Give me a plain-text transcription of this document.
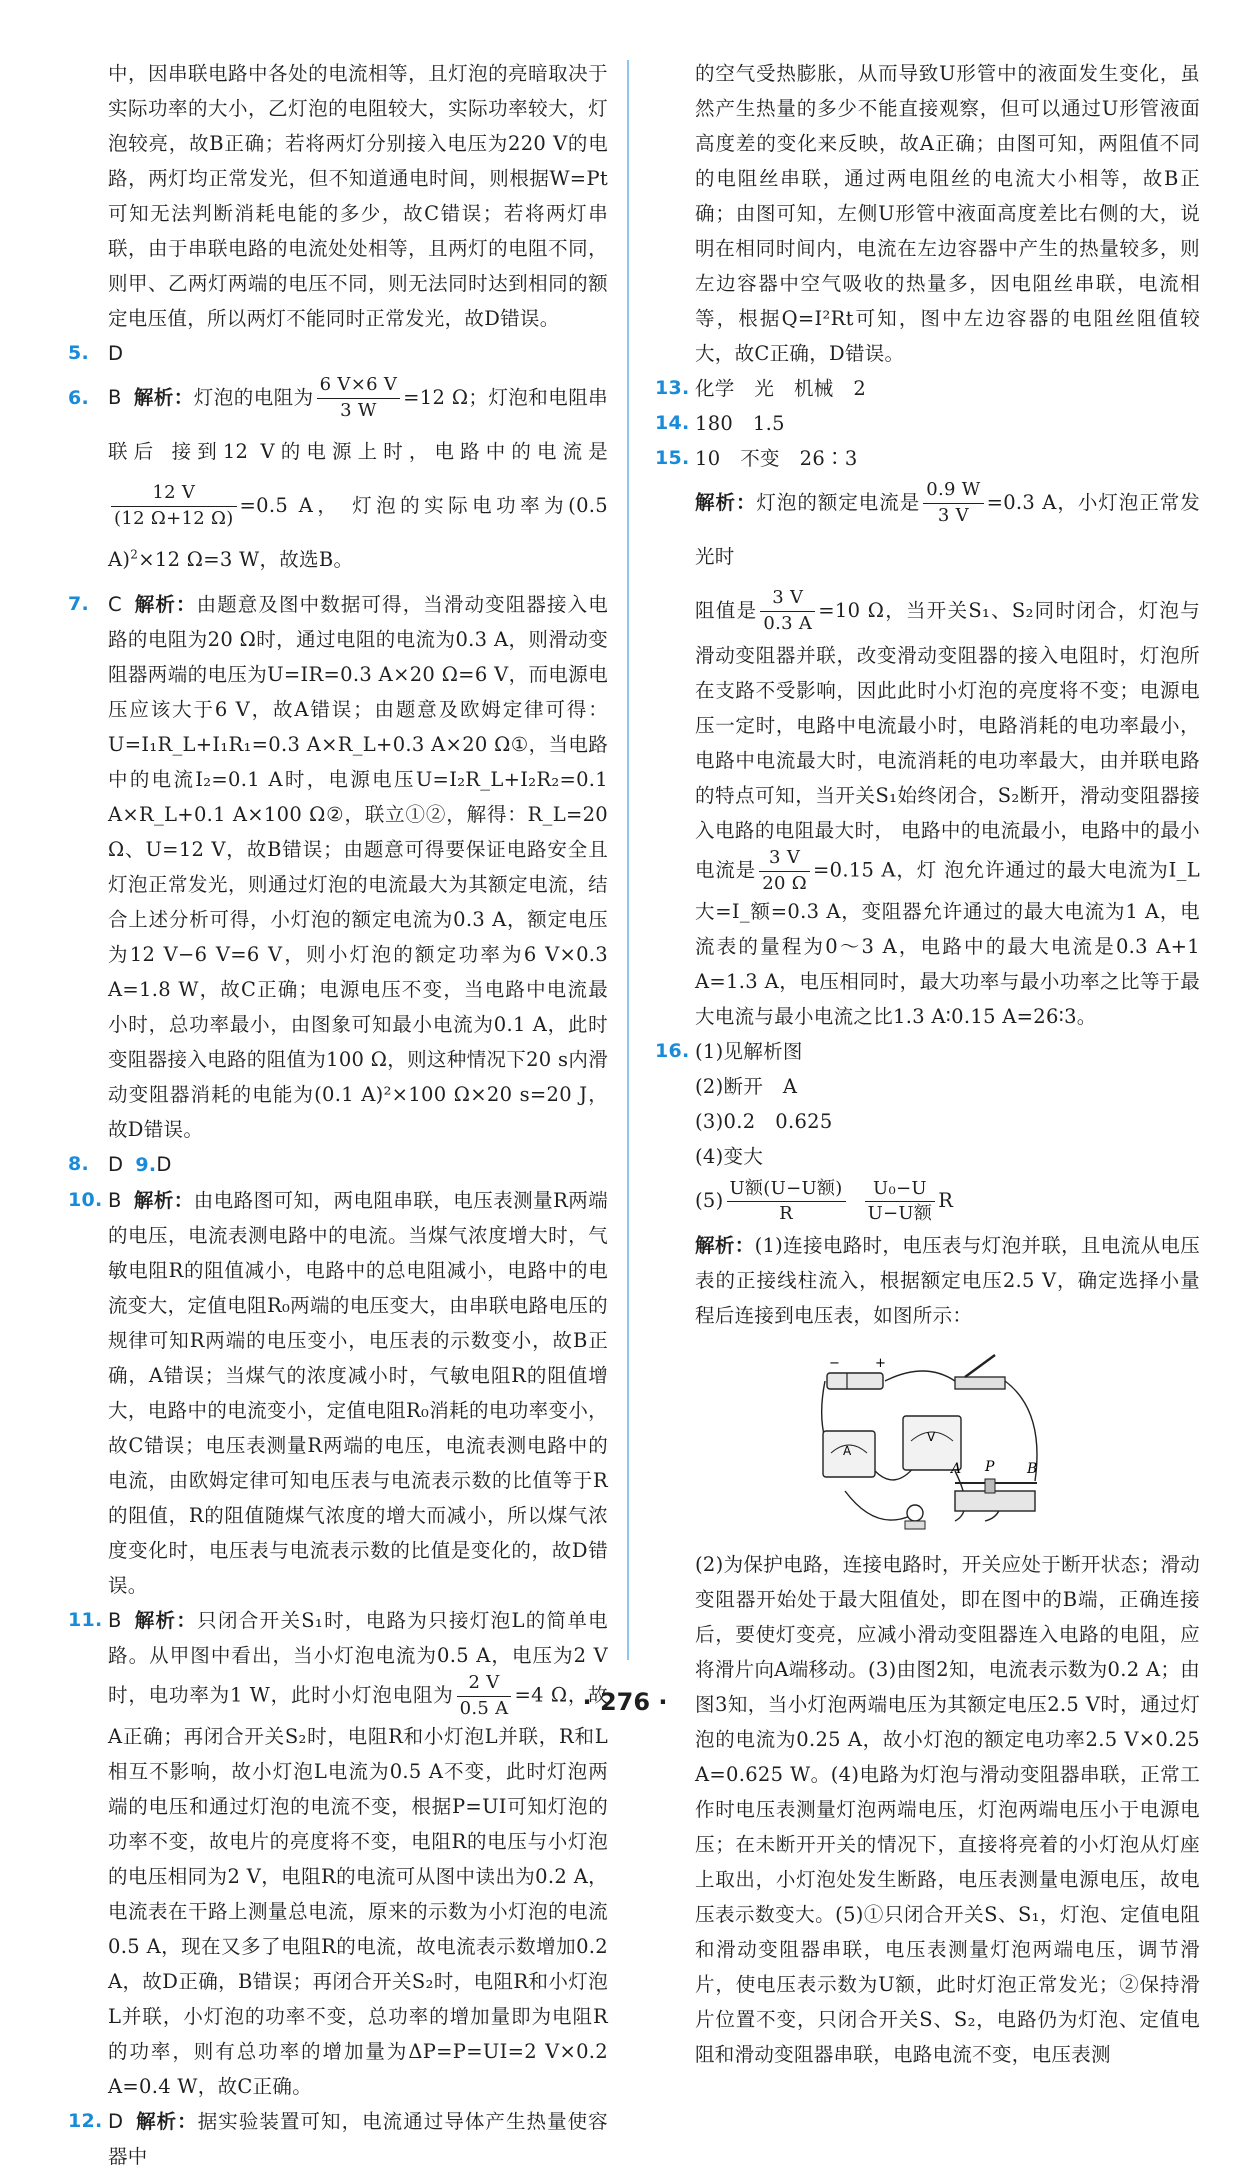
中，因串联电路中各处的电流相等，且灯泡的亮暗取决于实际功率的大小，乙灯泡的电阻较大，实际功率较大，灯泡较亮，故B正确；若将两灯分别接入电压为220 V的电路，两灯均正常发光，但不知道通电时间，则根据W=Pt可知无法判断消耗电能的多少，故C错误；若将两灯串联，由于串联电路的电流处处相等，且两灯的电阻不同，则甲、乙两灯两端的电压不同，则无法同时达到相同的额定电压值，所以两灯不能同时正常发光，故D错误。

5. D

6. B 解析：灯泡的电阻为 $\frac{6 V\times 6 V}{3 W} =12$ Ω；灯泡和电阻串联后 接到12 V的电源上时，电路中的电流是
$\frac{12 V}{(12 \Omega+12 \Omega)} =0.5$ A， 灯泡的实际电功率为(0.5 A)$^2$×12 Ω=3 W，故选B。

7. C 解析：由题意及图中数据可得，当滑动变阻器接入电路的电阻为20 Ω时，通过电阻的电流为0.3 A，则滑动变阻器两端的电压为U=IR=0.3 A×20 Ω=6 V，而电源电压应该大于6 V，故A错误；由题意及欧姆定律可得：U=I₁R_L+I₁R₁=0.3 A×R_L+0.3 A×20 Ω①，当电路中的电流I₂=0.1 A时，电源电压U=I₂R_L+I₂R₂=0.1 A×R_L+0.1 A×100 Ω②，联立①②，解得：R_L=20 Ω、U=12 V，故B错误；由题意可得要保证电路安全且灯泡正常发光，则通过灯泡的电流最大为其额定电流，结合上述分析可得，小灯泡的额定电流为0.3 A，额定电压为12 V−6 V=6 V，则小灯泡的额定功率为6 V×0.3 A=1.8 W，故C正确；电源电压不变，当电路中电流最小时，总功率最小，由图象可知最小电流为0.1 A，此时变阻器接入电路的阻值为100 Ω，则这种情况下20 s内滑动变阻器消耗的电能为(0.1 A)²×100 Ω×20 s=20 J，故D错误。

8. D 9.D

10. B 解析：由电路图可知，两电阻串联，电压表测量R两端的电压，电流表测电路中的电流。当煤气浓度增大时，气敏电阻R的阻值减小，电路中的总电阻减小，电路中的电流变大，定值电阻R₀两端的电压变大，由串联电路电压的规律可知R两端的电压变小，电压表的示数变小，故B正确，A错误；当煤气的浓度减小时，气敏电阻R的阻值增大，电路中的电流变小，定值电阻R₀消耗的电功率变小，故C错误；电压表测量R两端的电压，电流表测电路中的电流，由欧姆定律可知电压表与电流表示数的比值等于R的阻值，R的阻值随煤气浓度的增大而减小，所以煤气浓度变化时，电压表与电流表示数的比值是变化的，故D错误。

11. B 解析：只闭合开关S₁时，电路为只接灯泡L的简单电路。从甲图中看出，当小灯泡电流为0.5 A，电压为2 V时，电功率为1 W，此时小灯泡电阻为 $\frac{2 V}{0.5 A} =4$ Ω，故A正确；再闭合开关S₂时，电阻R和小灯泡L并联，R和L相互不影响，故小灯泡L电流为0.5 A不变，此时灯泡两端的电压和通过灯泡的电流不变，根据P=UI可知灯泡的功率不变，故电片的亮度将不变，电阻R的电压与小灯泡的电压相同为2 V，电阻R的电流可从图中读出为0.2 A，电流表在干路上测量总电流，原来的示数为小灯泡的电流0.5 A，现在又多了电阻R的电流，故电流表示数增加0.2 A，故D正确，B错误；再闭合开关S₂时，电阻R和小灯泡L并联，小灯泡的功率不变，总功率的增加量即为电阻R的功率，则有总功率的增加量为ΔP=P=UI=2 V×0.2 A=0.4 W，故C正确。

12. D 解析：据实验装置可知，电流通过导体产生热量使容器中

的空气受热膨胀，从而导致U形管中的液面发生变化，虽然产生热量的多少不能直接观察，但可以通过U形管液面高度差的变化来反映，故A正确；由图可知，两阻值不同的电阻丝串联，通过两电阻丝的电流大小相等，故B正确；由图可知，左侧U形管中液面高度差比右侧的大，说明在相同时间内，电流在左边容器中产生的热量较多，则左边容器中空气吸收的热量多，因电阻丝串联，电流相等，根据Q=I²Rt可知，图中左边容器的电阻丝阻值较大，故C正确，D错误。

13. 化学　光　机械　2

14. 180　1.5

15. 10　不变　26∶3

解析：灯泡的额定电流是 $\frac{0.9 W}{3 V} =0.3$ A，小灯泡正常发光时

阻值是 $\frac{3 V}{0.3 A} =10$ Ω，当开关S₁、S₂同时闭合，灯泡与滑动变阻器并联，改变滑动变阻器的接入电阻时，灯泡所在支路不受影响，因此此时小灯泡的亮度将不变；电源电压一定时，电路中电流最小时，电路消耗的电功率最小，电路中电流最大时，电流消耗的电功率最大，由并联电路的特点可知，当开关S₁始终闭合，S₂断开，滑动变阻器接入电路的电阻最大时， 电路中的电流最小，电路中的最小电流是 $\frac{3 V}{20 \Omega} =0.15$ A，灯 泡允许通过的最大电流为I_L大=I_额=0.3 A，变阻器允许通过的最大电流为1 A，电流表的量程为0～3 A，电路中的最大电流是0.3 A+1 A=1.3 A，电压相同时，最大功率与最小功率之比等于最大电流与最小电流之比1.3 A∶0.15 A=26∶3。

16. (1)见解析图
(2)断开　A
(3)0.2　0.625
(4)变大
$(5) \frac{\text{U额(U−U额)}}{R}$
$\frac{\text{U₀−U}}{\text{U−U额}}$ R

解析：(1)连接电路时，电压表与灯泡并联，且电流从电压表的正接线柱流入，根据额定电压2.5 V，确定选择小量程后连接到电压表，如图所示：

−	+
A
V
A P B

(2)为保护电路，连接电路时，开关应处于断开状态；滑动变阻器开始处于最大阻值处，即在图中的B端，正确连接后，要使灯变亮，应减小滑动变阻器连入电路的电阻，应将滑片向A端移动。(3)由图2知，电流表示数为0.2 A；由图3知，当小灯泡两端电压为其额定电压2.5 V时，通过灯泡的电流为0.25 A，故小灯泡的额定电功率2.5 V×0.25 A=0.625 W。(4)电路为灯泡与滑动变阻器串联，正常工作时电压表测量灯泡两端电压，灯泡两端电压小于电源电压；在未断开开关的情况下，直接将亮着的小灯泡从灯座上取出，小灯泡处发生断路，电压表测量电源电压，故电压表示数变大。(5)①只闭合开关S、S₁，灯泡、定值电阻和滑动变阻器串联，电压表测量灯泡两端电压，调节滑片，使电压表示数为U额，此时灯泡正常发光；②保持滑片位置不变，只闭合开关S、S₂，电路仍为灯泡、定值电阻和滑动变阻器串联，电路电流不变，电压表测

· 276 ·
